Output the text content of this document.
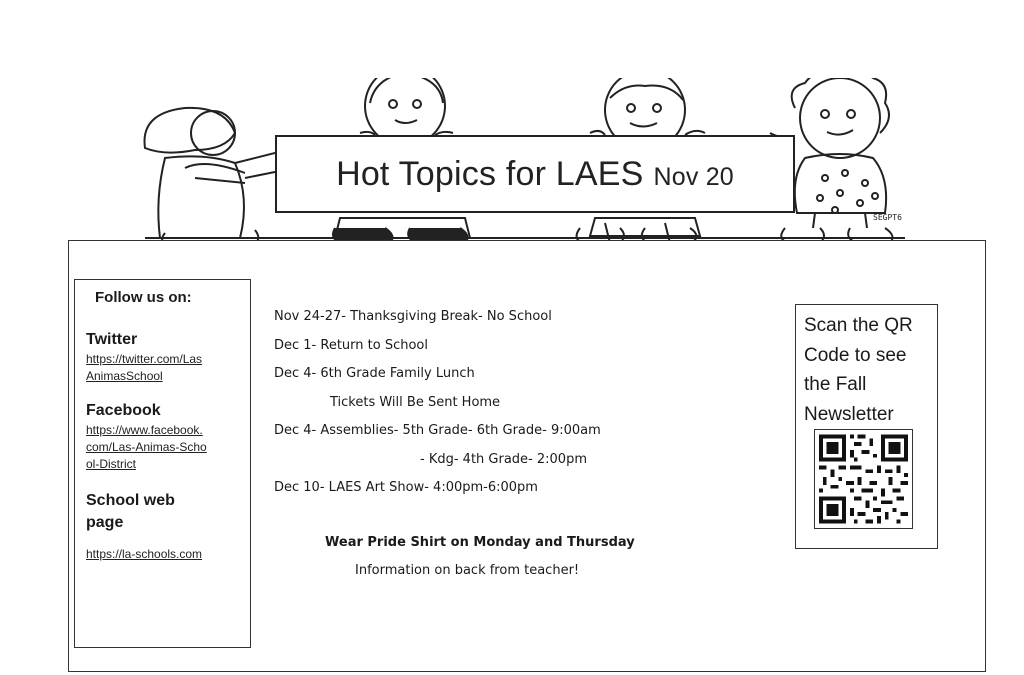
SEGPT6
Hot Topics for LAES Nov 20
Follow us on:
Twitter
https://twitter.com/LasAnimasSchool
Facebook
https://www.facebook.com/Las-Animas-School-District
School web page
https://la-schools.com
Nov 24-27- Thanksgiving Break- No School
Dec 1- Return to School
Dec 4- 6th Grade Family Lunch
Tickets Will Be Sent Home
Dec 4- Assemblies- 5th Grade- 6th Grade- 9:00am
- Kdg- 4th Grade- 2:00pm
Dec 10- LAES Art Show- 4:00pm-6:00pm
Wear Pride Shirt on Monday and Thursday
Information on back from teacher!
Scan the QR Code to see the Fall Newsletter
